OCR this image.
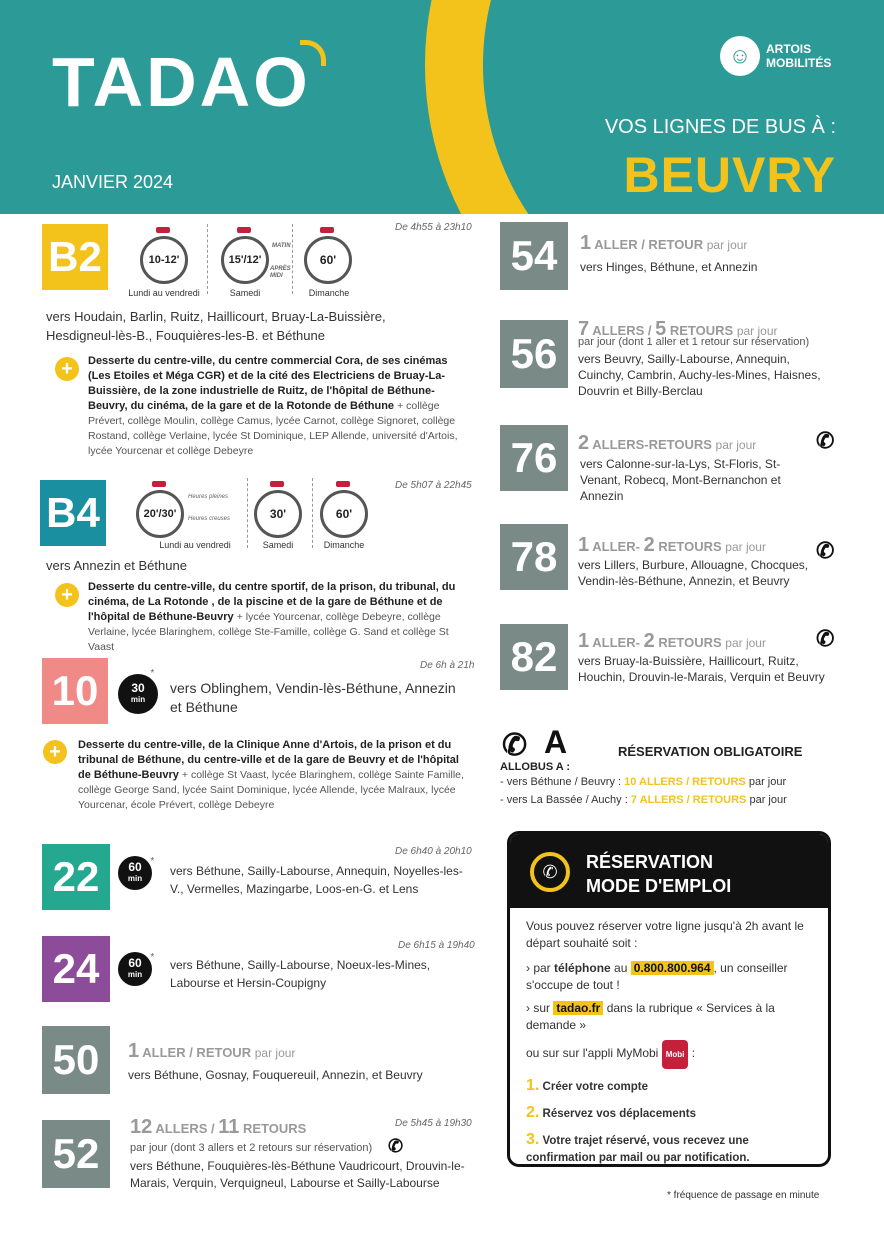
TADAO
JANVIER 2024
☺	ARTOIS
MOBILITÉS
VOS LIGNES DE BUS À :
BEUVRY
B2
De 4h55 à 23h10
10-12'
Lundi au vendredi
15'/12'
MATIN
APRÈS MIDI
Samedi
60'
Dimanche
vers Houdain, Barlin, Ruitz, Haillicourt, Bruay-La-Buissière, Hesdigneul-lès-B., Fouquières-les-B. et Béthune
+	Desserte du centre-ville, du centre commercial Cora, de ses cinémas (Les Etoiles et Méga CGR) et de la cité des Electriciens de Bruay-La-Buissière, de la zone industrielle de Ruitz, de l'hôpital de Béthune-Beuvry, du cinéma, de la gare et de la Rotonde de Béthune + collège Prévert, collège Moulin, collège Camus, lycée Carnot, collège Signoret, collège Rostand, collège Verlaine, lycée St Dominique, LEP Allende, université d'Artois, lycée Yourcenar et collège Debeyre
B4
De 5h07 à 22h45
20'/30'
Heures pleines
Heures creuses
Lundi au vendredi
30'
Samedi
60'
Dimanche
vers Annezin et Béthune
+	Desserte du centre-ville, du centre sportif, de la prison, du tribunal, du cinéma, de La Rotonde , de la piscine et de la gare de Béthune et de l'hôpital de Béthune-Beuvry + lycée Yourcenar, collège Debeyre, collège Verlaine, lycée Blaringhem, collège Ste-Famille, collège G. Sand et collège St Vaast
10
De 6h à 21h
30
min
*
vers Oblinghem, Vendin-lès-Béthune, Annezin et Béthune
+	Desserte du centre-ville, de la Clinique Anne d'Artois, de la prison et du tribunal de Béthune, du centre-ville et de la gare de Beuvry et de l'hôpital de Béthune-Beuvry + collège St Vaast, lycée Blaringhem, collège Sainte Famille, collège George Sand, lycée Saint Dominique, lycée Allende, lycée Malraux, lycée Yourcenar, école Prévert, collège Debeyre
22
De 6h40 à 20h10
60
min
*
vers Béthune, Sailly-Labourse, Annequin, Noyelles-les-V., Vermelles, Mazingarbe, Loos-en-G. et Lens
24	De 6h15 à 19h40
60
min
*
vers Béthune, Sailly-Labourse, Noeux-les-Mines, Labourse et Hersin-Coupigny
50	1 ALLER / RETOUR par jour
vers Béthune, Gosnay, Fouquereuil, Annezin, et Beuvry
52
De 5h45 à 19h30
12 ALLERS / 11 RETOURS
par jour (dont 3 allers et 2 retours sur réservation) ✆
vers Béthune, Fouquières-lès-Béthune Vaudricourt, Drouvin-le-Marais, Verquin, Verquigneul, Labourse et Sailly-Labourse
54	1 ALLER / RETOUR par jour
vers Hinges, Béthune, et Annezin
56
7 ALLERS / 5 RETOURS par jour
par jour (dont 1 aller et 1 retour sur réservation)
vers Beuvry, Sailly-Labourse, Annequin, Cuinchy, Cambrin, Auchy-les-Mines, Haisnes, Douvrin et Billy-Berclau
76	2 ALLERS-RETOURS par jour	✆
vers Calonne-sur-la-Lys, St-Floris, St-Venant, Robecq, Mont-Bernanchon et Annezin
78	1 ALLER- 2 RETOURS par jour ✆
vers Lillers, Burbure, Allouagne, Chocques, Vendin-lès-Béthune, Annezin, et Beuvry
82	1 ALLER- 2 RETOURS par jour ✆
vers Bruay-la-Buissière, Haillicourt, Ruitz, Houchin, Drouvin-le-Marais, Verquin et Beuvry
✆ A	RÉSERVATION OBLIGATOIRE
ALLOBUS A :
- vers Béthune / Beuvry : 10 ALLERS / RETOURS par jour
- vers La Bassée / Auchy : 7 ALLERS / RETOURS par jour
✆	RÉSERVATION
MODE D'EMPLOI
Vous pouvez réserver votre ligne jusqu'à 2h avant le départ souhaité soit :
› par téléphone au 0.800.800.964 , un conseiller s'occupe de tout !
› sur tadao.fr dans la rubrique « Services à la demande »
ou sur sur l'appli MyMobi Mobi :
1. Créer votre compte
2. Réservez vos déplacements
3. Votre trajet réservé, vous recevez une confirmation par mail ou par notification.
* fréquence de passage en minute
